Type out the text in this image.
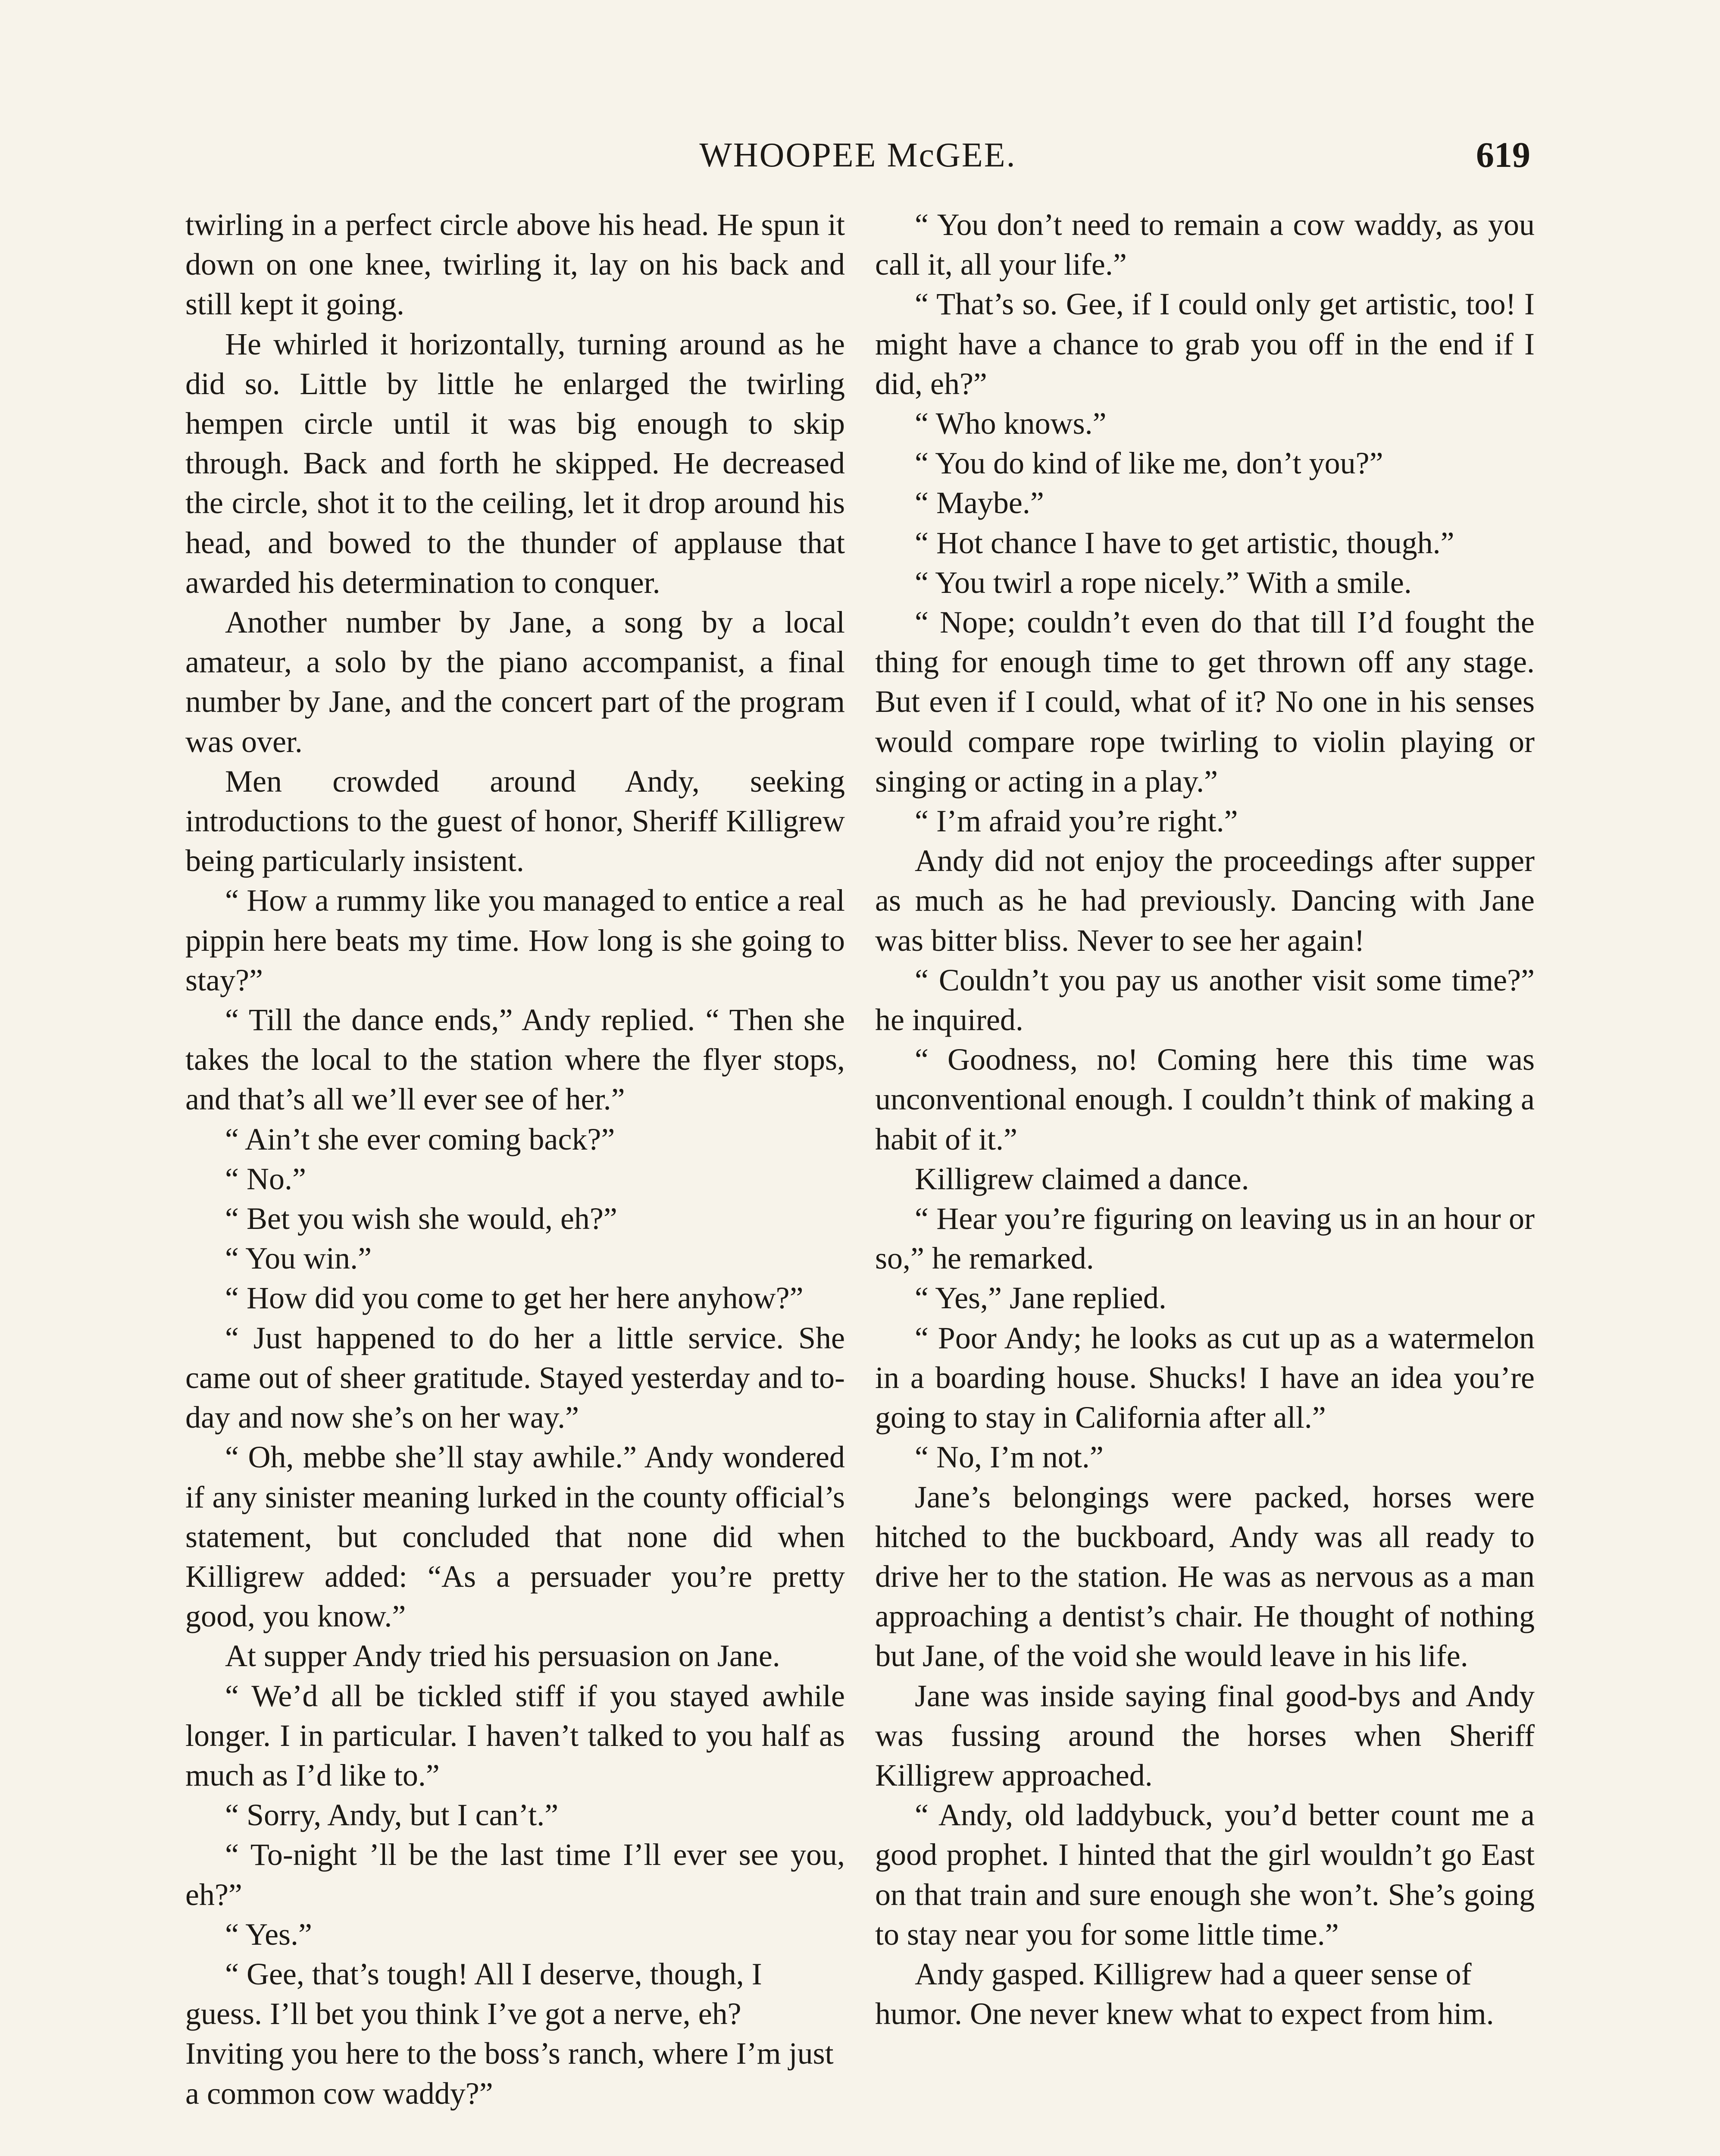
WHOOPEE McGEE.	619

twirling in a perfect circle above his head. He spun it down on one knee, twirling it, lay on his back and still kept it going.

He whirled it horizontally, turning around as he did so. Little by little he enlarged the twirling hempen circle until it was big enough to skip through. Back and forth he skipped. He decreased the circle, shot it to the ceiling, let it drop around his head, and bowed to the thunder of applause that awarded his determination to conquer.

Another number by Jane, a song by a local amateur, a solo by the piano accompanist, a final number by Jane, and the concert part of the program was over.

Men crowded around Andy, seeking introductions to the guest of honor, Sheriff Killigrew being particularly insistent.

“ How a rummy like you managed to entice a real pippin here beats my time. How long is she going to stay?”

“ Till the dance ends,” Andy replied. “ Then she takes the local to the station where the flyer stops, and that’s all we’ll ever see of her.”

“ Ain’t she ever coming back?”

“ No.”

“ Bet you wish she would, eh?”

“ You win.”

“ How did you come to get her here anyhow?”

“ Just happened to do her a little service. She came out of sheer gratitude. Stayed yesterday and to-day and now she’s on her way.”

“ Oh, mebbe she’ll stay awhile.” Andy wondered if any sinister meaning lurked in the county official’s statement, but concluded that none did when Killigrew added: “As a persuader you’re pretty good, you know.”

At supper Andy tried his persuasion on Jane.

“ We’d all be tickled stiff if you stayed awhile longer. I in particular. I haven’t talked to you half as much as I’d like to.”

“ Sorry, Andy, but I can’t.”

“ To-night ’ll be the last time I’ll ever see you, eh?”

“ Yes.”

“ Gee, that’s tough! All I deserve, though, I guess. I’ll bet you think I’ve got a nerve, eh? Inviting you here to the boss’s ranch, where I’m just a common cow waddy?”

“ You don’t need to remain a cow waddy, as you call it, all your life.”

“ That’s so. Gee, if I could only get artistic, too! I might have a chance to grab you off in the end if I did, eh?”

“ Who knows.”

“ You do kind of like me, don’t you?”

“ Maybe.”

“ Hot chance I have to get artistic, though.”

“ You twirl a rope nicely.” With a smile.

“ Nope; couldn’t even do that till I’d fought the thing for enough time to get thrown off any stage. But even if I could, what of it? No one in his senses would compare rope twirling to violin playing or singing or acting in a play.”

“ I’m afraid you’re right.”

Andy did not enjoy the proceedings after supper as much as he had previously. Dancing with Jane was bitter bliss. Never to see her again!

“ Couldn’t you pay us another visit some time?” he inquired.

“ Goodness, no! Coming here this time was unconventional enough. I couldn’t think of making a habit of it.”

Killigrew claimed a dance.

“ Hear you’re figuring on leaving us in an hour or so,” he remarked.

“ Yes,” Jane replied.

“ Poor Andy; he looks as cut up as a watermelon in a boarding house. Shucks! I have an idea you’re going to stay in California after all.”

“ No, I’m not.”

Jane’s belongings were packed, horses were hitched to the buckboard, Andy was all ready to drive her to the station. He was as nervous as a man approaching a dentist’s chair. He thought of nothing but Jane, of the void she would leave in his life.

Jane was inside saying final good-bys and Andy was fussing around the horses when Sheriff Killigrew approached.

“ Andy, old laddybuck, you’d better count me a good prophet. I hinted that the girl wouldn’t go East on that train and sure enough she won’t. She’s going to stay near you for some little time.”

Andy gasped. Killigrew had a queer sense of humor. One never knew what to expect from him.
